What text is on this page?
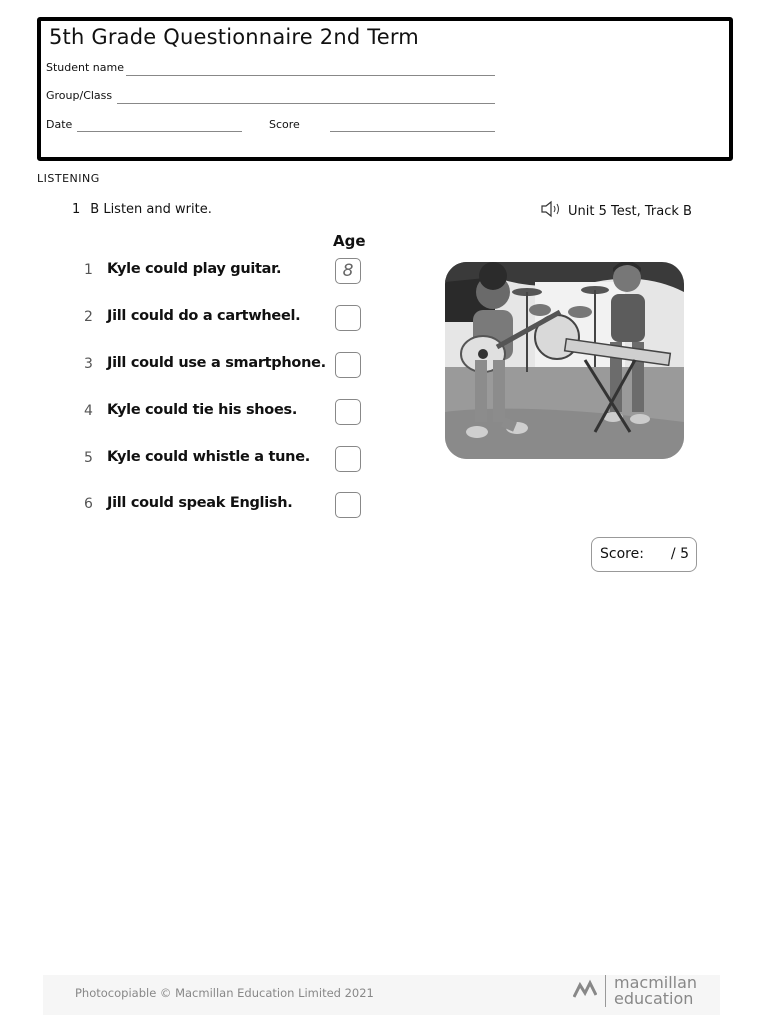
5th Grade Questionnaire 2nd Term
Student name
Group/Class
Date	Score
LISTENING
1 B Listen and write.	Unit 5 Test, Track B
Age
1 Kyle could play guitar.	8
2 Jill could do a cartwheel.
3 Jill could use a smartphone.
4 Kyle could tie his shoes.
5 Kyle could whistle a tune.
6 Jill could speak English.
Score: / 5
Photocopiable © Macmillan Education Limited 2021
macmillan
education
